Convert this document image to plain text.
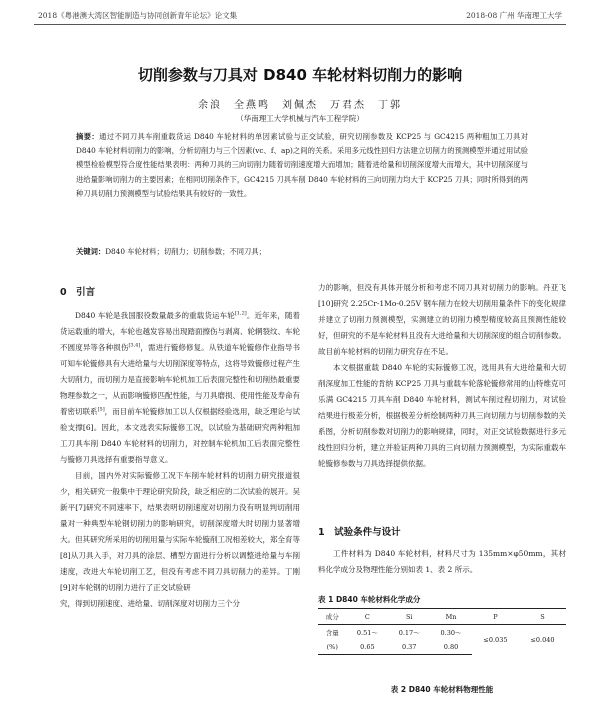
2018《粤港澳大湾区智能制造与协同创新青年论坛》论文集	2018-08 广州 华南理工大学
切削参数与刀具对 D840 车轮材料切削力的影响
余浪　全燕鸣　刘佩杰　万君杰　丁郭
（华南理工大学机械与汽车工程学院）

摘要：通过不同刀具车削重载货运 D840 车轮材料的单因素试验与正交试验，研究切削参数及 KCP25 与 GC4215 两种粗加工刀具对 D840 车轮材料切削力的影响，分析切削力与三个因素(vc、f、ap)之间的关系。采用多元线性回归方法建立切削力的预测模型并通过用试验模型检验模型符合度性能结果表明：两种刀具的三向切削力随着切削速度增大而增加；随着进给量和切削深度增大而增大，其中切削深度与进给量影响切削力的主要因素；在相同切削条件下，GC4215 刀具车削 D840 车轮材料的三向切削力均大于 KCP25 刀具；同时所得到的两种刀具切削力预测模型与试验结果具有较好的一致性。

关键词：D840 车轮材料；切削力；切削参数；不同刀具；

0　引言

D840 车轮是我国服役数量最多的重载货运车轮[1,2]。近年来，随着货运载重的增大，车轮也越发容易出现踏面擦伤与剥离、轮辋裂纹、车轮不圆度异等各种损伤[3,4]，需进行镟修修复。从铁道车轮镟修作业指导书可知车轮镟修具有大进给量与大切削深度等特点，这将导致镟修过程产生大切削力，而切削力是直接影响车轮机加工后表面完整性和切削热最重要物理参数之一，从而影响镟修匹配性能，与刀具磨损、使用性能及寿命有着密切联系[5]，而目前车轮镟修加工以人仅根据经验选用，缺乏理论与试验支撑[6]。因此，本文选表实际镟修工况，以试验为基础研究两种粗加工刀具车削 D840 车轮材料的切削力，对控制车轮机加工后表面完整性与镟修刀具选择有重要指导意义。

目前，国内外对实际镟修工况下车削车轮材料的切削力研究报道很少，相关研究一般集中于理论研究阶段，缺乏相应的二次试验的展开。吴新平[7]研究不同速率下，结果表明切削速度对切削力没有明显判切削用量对一种典型车轮钢切削力的影响研究，切削深度增大时切削力显著增大。但其研究所采用的切削用量与实际车轮镟削工况相差较大，郑全育等[8]从刀具入手，对刀具的涂层、槽型方面进行分析以调整进给量与车削速度，改进大车轮切削工艺，但没有考虑不同刀具切削力的差异。丁刚[9]对车轮钢的切削力进行了正交试验研

究，得到切削速度、进给量、切削深度对切削力三个分

力的影响，但没有具体开展分析和考虑不同刀具对切削力的影响。丹亚飞[10]研究 2.25Cr-1Mo-0.25V 钢车削力在较大切削用量条件下的变化规律并建立了切削力预测模型，实测建立的切削力模型精度较高且预测性能较好，但研究的不是车轮材料且没有大进给量和大切削深度的组合切削参数。故目前车轮材料的切削力研究存在不足。

本文根据重载 D840 车轮的实际镟修工况，选用具有大进给量和大切削深度加工性能的肯纳 KCP25 刀具与重载车轮落轮镟修常用的山特维克可乐满 GC4215 刀具车削 D840 车轮材料，测试车削过程切削力，对试验结果进行极差分析，根据极差分析绘制两种刀具三向切削力与切削参数的关系图，分析切削参数对切削力的影响规律，同时，对正交试验数据进行多元线性回归分析，建立并验证两种刀具的三向切削力预测模型，为实际重载车轮镟修参数与刀具选择提供依据。

1　试验条件与设计

工件材料为 D840 车轮材料，材料尺寸为 135mm×φ50mm，其材料化学成分及物理性能分别如表 1、表 2 所示。

表 1 D840 车轮材料化学成分

成分	C	Si	Mn	P	S
含量	0.51～	0.17～	0.30～	≤0.035	≤0.040
(%)	0.65	0.37	0.80		

表 2 D840 车轮材料物理性能
